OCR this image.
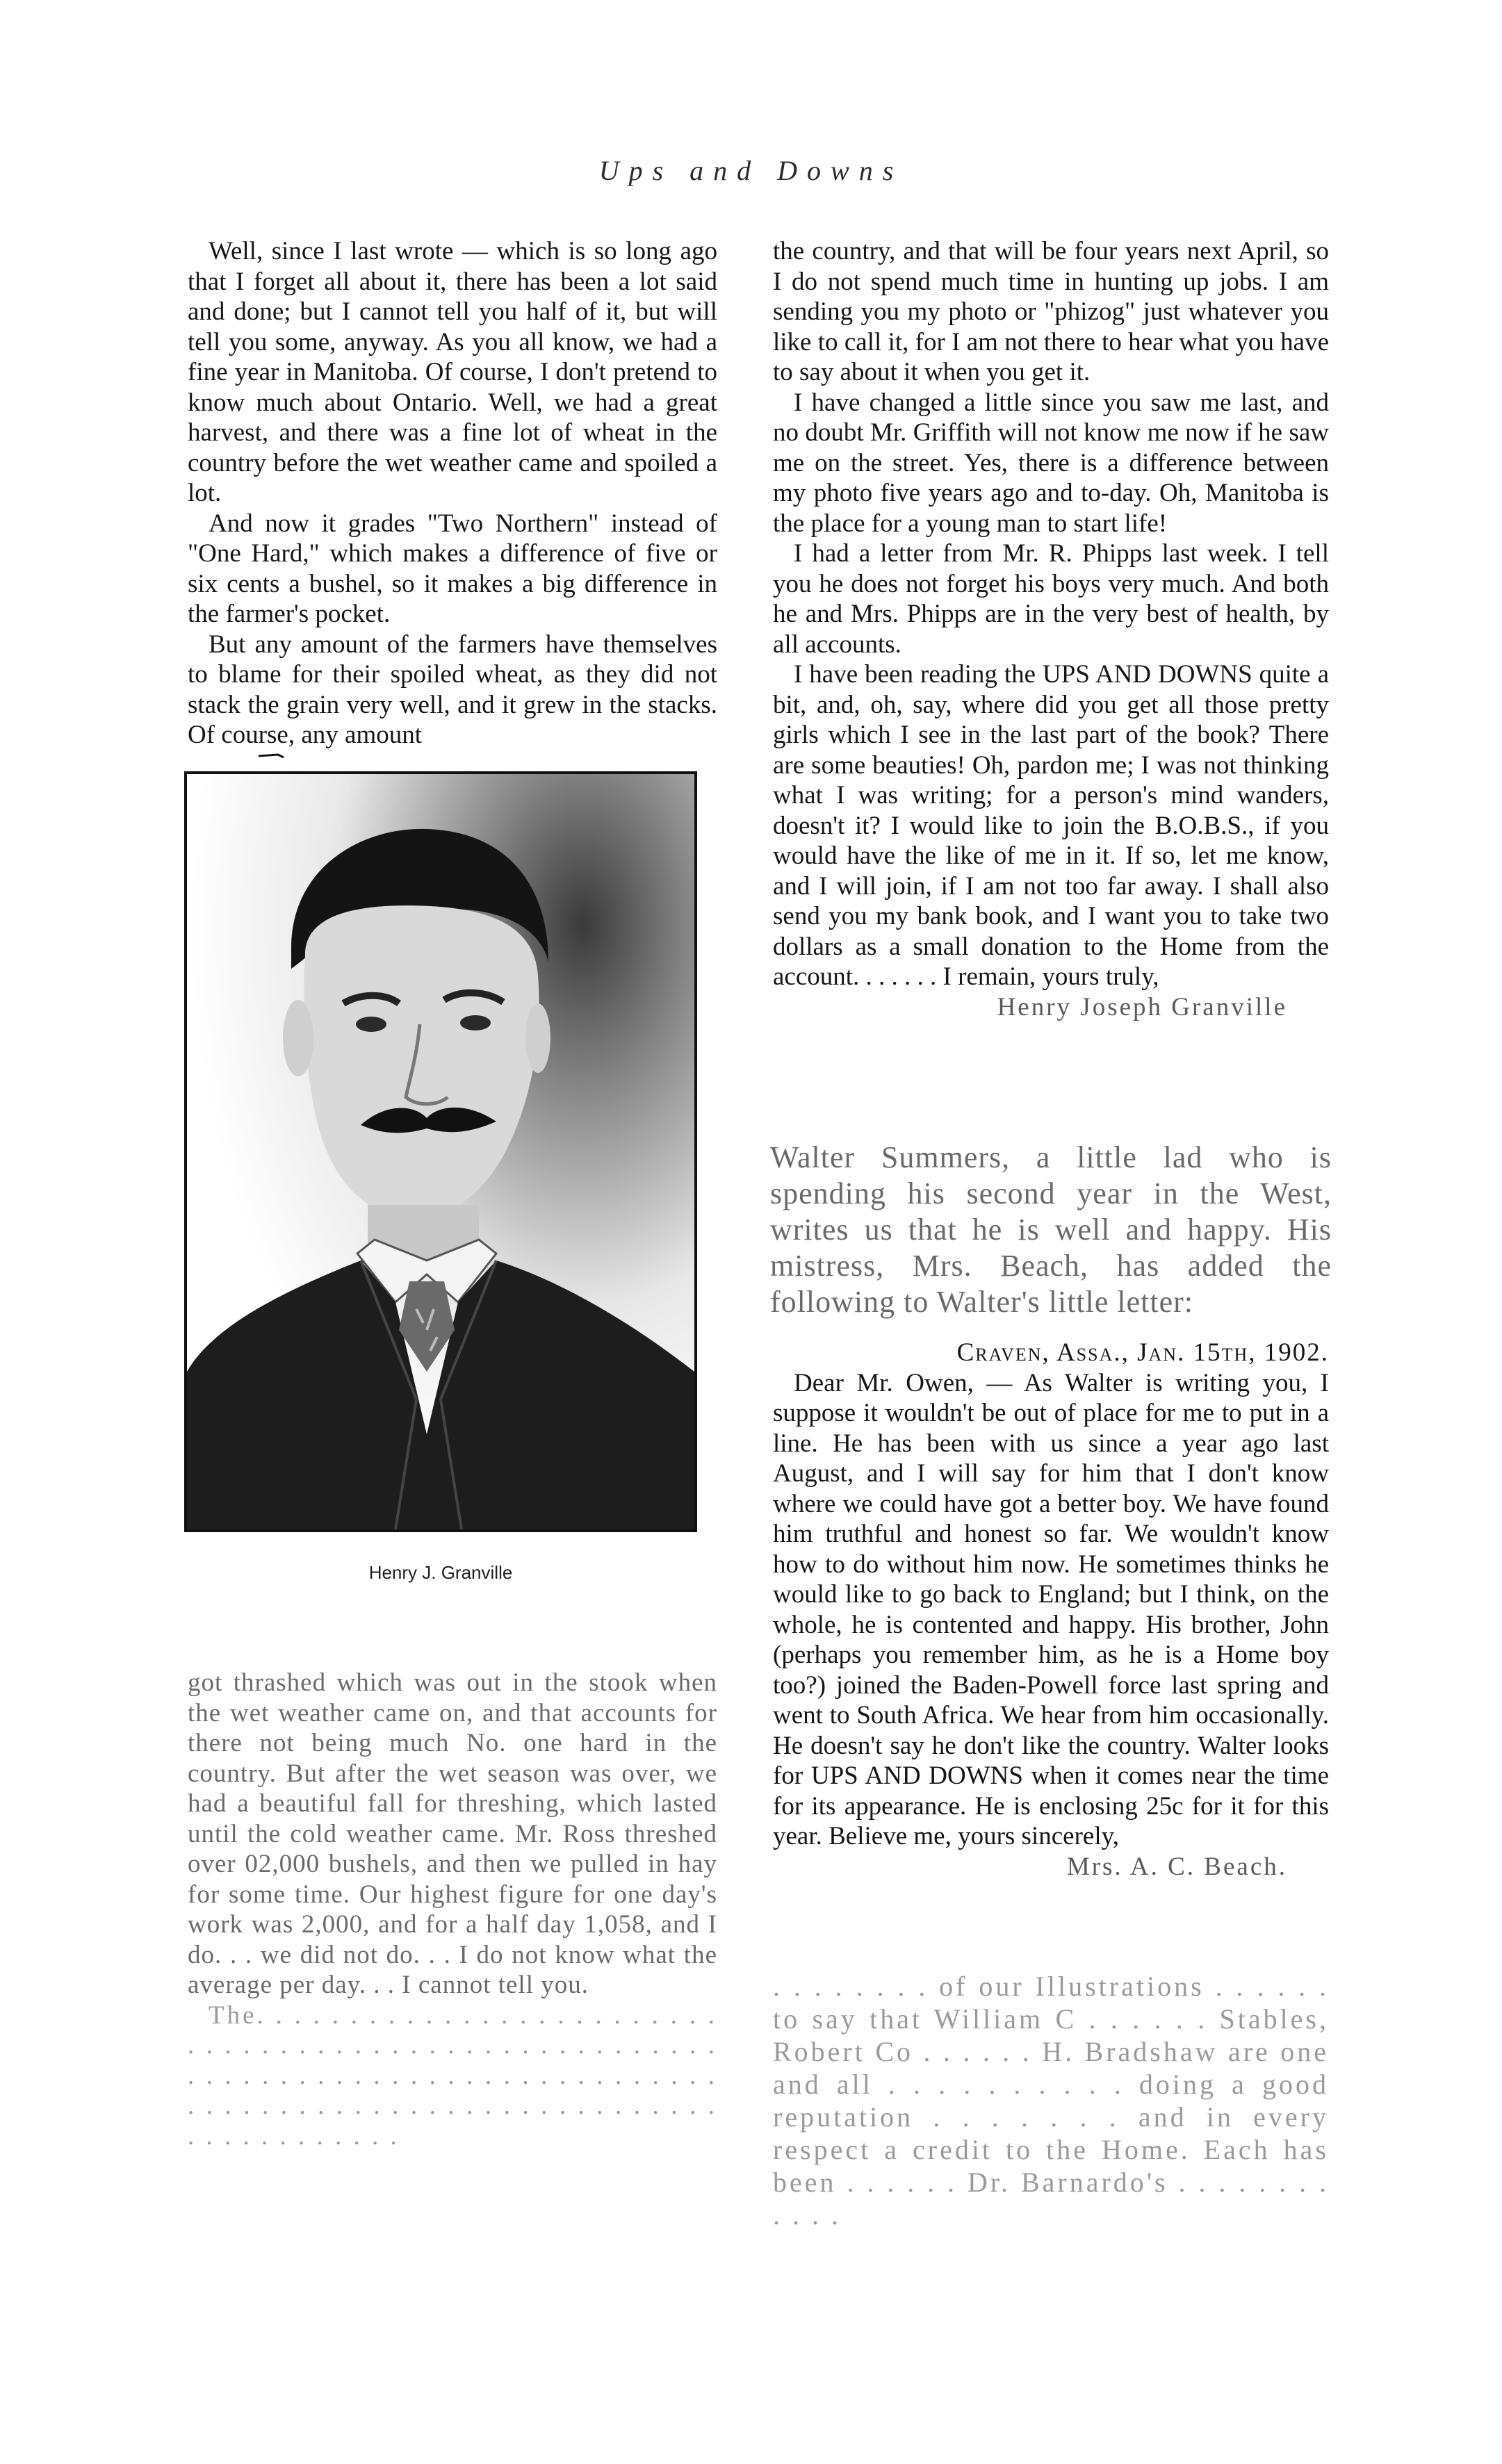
Ups and Downs

Well, since I last wrote — which is so long ago that I forget all about it, there has been a lot said and done; but I cannot tell you half of it, but will tell you some, anyway. As you all know, we had a fine year in Manitoba. Of course, I don't pretend to know much about Ontario. Well, we had a great harvest, and there was a fine lot of wheat in the country before the wet weather came and spoiled a lot.

And now it grades "Two Northern" instead of "One Hard," which makes a difference of five or six cents a bushel, so it makes a big difference in the farmer's pocket.

But any amount of the farmers have themselves to blame for their spoiled wheat, as they did not stack the grain very well, and it grew in the stacks. Of course, any amount

Henry J. Granville

got thrashed which was out in the stook when the wet weather came on, and that accounts for there not being much No. one hard in the country. But after the wet season was over, we had a beautiful fall for threshing, which lasted until the cold weather came. Mr. Ross threshed over 02,000 bushels, and then we pulled in hay for some time. Our highest figure for one day's work was 2,000, and for a half day 1,058, and I do. . . we did not do. . . I do not know what the average per day. . . I cannot tell you.

The. . . . . . . . . . . . . . . . . . . . . . . . . . . . . . . . . . . . . . . . . . . . . . . . . . . . . . . . . . . . . . . . . . . . . . . . . . . . . . . . . . . . . . . . . . . . . . . . . . . . . . . . . . . . . . . . . . . . . . . . . . . .

the country, and that will be four years next April, so I do not spend much time in hunting up jobs. I am sending you my photo or "phizog" just whatever you like to call it, for I am not there to hear what you have to say about it when you get it.

I have changed a little since you saw me last, and no doubt Mr. Griffith will not know me now if he saw me on the street. Yes, there is a difference between my photo five years ago and to-day. Oh, Manitoba is the place for a young man to start life!

I had a letter from Mr. R. Phipps last week. I tell you he does not forget his boys very much. And both he and Mrs. Phipps are in the very best of health, by all accounts.

I have been reading the UPS AND DOWNS quite a bit, and, oh, say, where did you get all those pretty girls which I see in the last part of the book? There are some beauties! Oh, pardon me; I was not thinking what I was writing; for a person's mind wanders, doesn't it? I would like to join the B.O.B.S., if you would have the like of me in it. If so, let me know, and I will join, if I am not too far away. I shall also send you my bank book, and I want you to take two dollars as a small donation to the Home from the account. . . . . . . I remain, yours truly,

Henry Joseph Granville

Walter Summers, a little lad who is spending his second year in the West, writes us that he is well and happy. His mistress, Mrs. Beach, has added the following to Walter's little letter:

Craven, Assa., Jan. 15th, 1902.

Dear Mr. Owen, — As Walter is writing you, I suppose it wouldn't be out of place for me to put in a line. He has been with us since a year ago last August, and I will say for him that I don't know where we could have got a better boy. We have found him truthful and honest so far. We wouldn't know how to do without him now. He sometimes thinks he would like to go back to England; but I think, on the whole, he is contented and happy. His brother, John (perhaps you remember him, as he is a Home boy too?) joined the Baden-Powell force last spring and went to South Africa. We hear from him occasionally. He doesn't say he don't like the country. Walter looks for UPS AND DOWNS when it comes near the time for its appearance. He is enclosing 25c for it for this year. Believe me, yours sincerely,

Mrs. A. C. Beach.

. . . . . . . . of our Illustrations . . . . . . to say that William C . . . . . . Stables, Robert Co . . . . . . H. Bradshaw are one and all . . . . . . . . . . doing a good reputation . . . . . . . and in every respect a credit to the Home. Each has been . . . . . . Dr. Barnardo's . . . . . . . . . . . .
